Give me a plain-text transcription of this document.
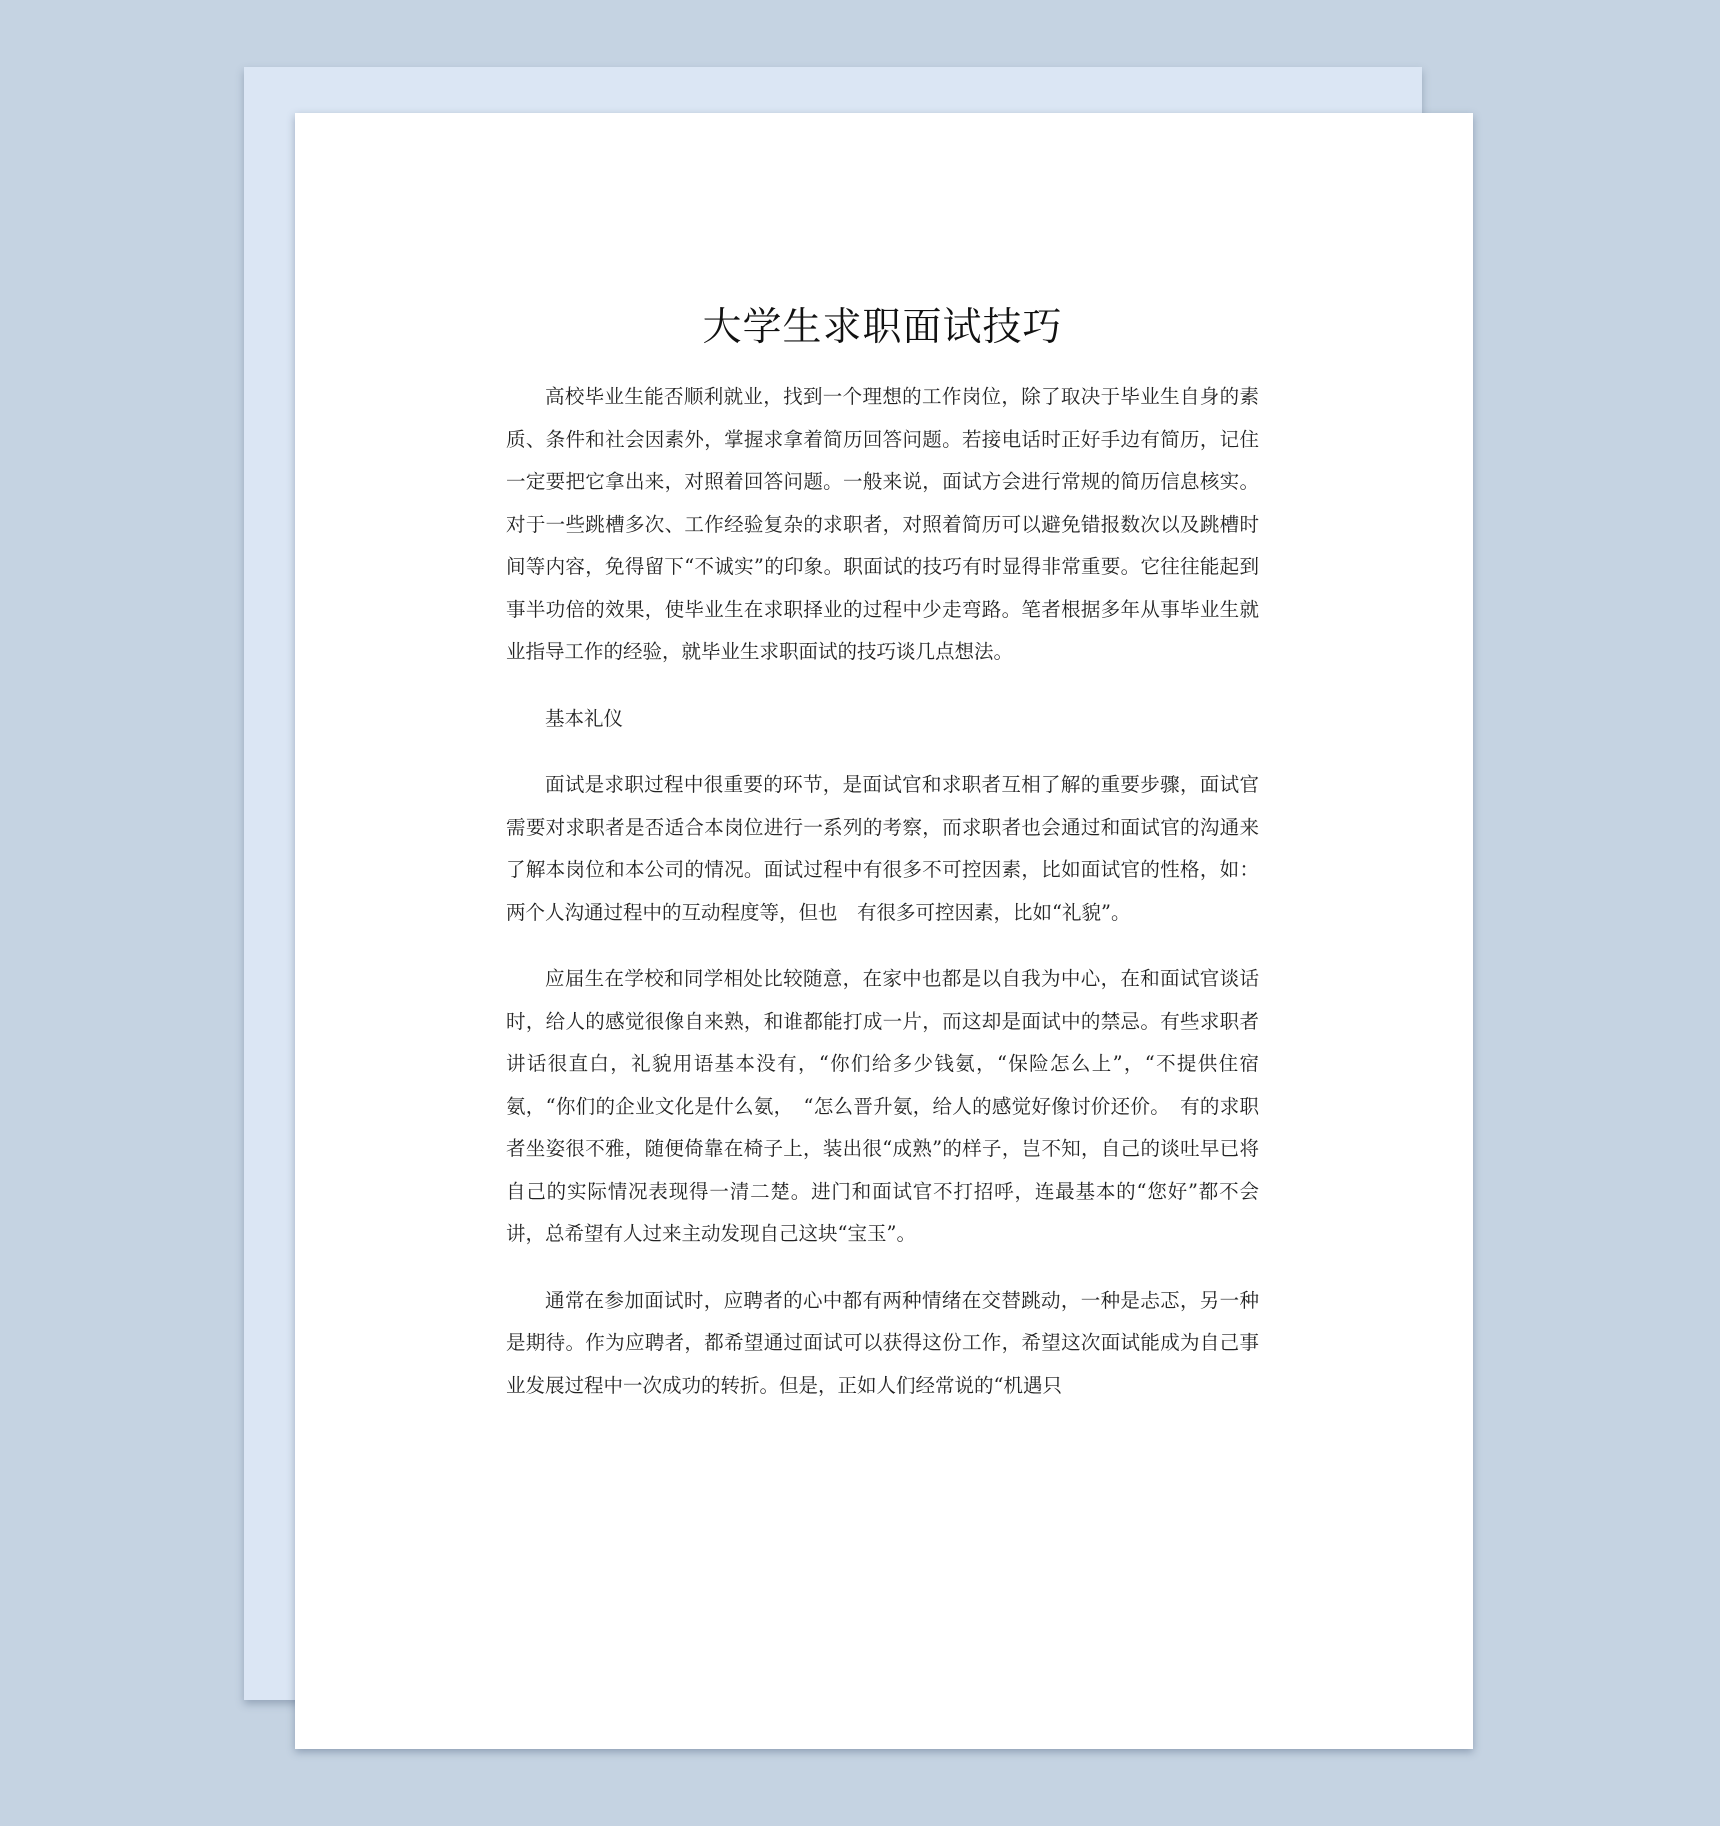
大学生求职面试技巧

高校毕业生能否顺利就业，找到一个理想的工作岗位，除了取决于毕业生自身的素质、条件和社会因素外，掌握求拿着简历回答问题。若接电话时正好手边有简历，记住一定要把它拿出来，对照着回答问题。一般来说，面试方会进行常规的简历信息核实。对于一些跳槽多次、工作经验复杂的求职者，对照着简历可以避免错报数次以及跳槽时间等内容，免得留下“不诚实”的印象。职面试的技巧有时显得非常重要。它往往能起到事半功倍的效果，使毕业生在求职择业的过程中少走弯路。笔者根据多年从事毕业生就业指导工作的经验，就毕业生求职面试的技巧谈几点想法。

基本礼仪

面试是求职过程中很重要的环节，是面试官和求职者互相了解的重要步骤，面试官需要对求职者是否适合本岗位进行一系列的考察，而求职者也会通过和面试官的沟通来了解本岗位和本公司的情况。面试过程中有很多不可控因素，比如面试官的性格，如：两个人沟通过程中的互动程度等，但也　有很多可控因素，比如“礼貌”。

应届生在学校和同学相处比较随意，在家中也都是以自我为中心，在和面试官谈话时，给人的感觉很像自来熟，和谁都能打成一片，而这却是面试中的禁忌。有些求职者讲话很直白，礼貌用语基本没有，“你们给多少钱氨，“保险怎么上”，“不提供住宿氨，“你们的企业文化是什么氨，　“怎么晋升氨，给人的感觉好像讨价还价。　有的求职者坐姿很不雅，随便倚靠在椅子上，装出很“成熟”的样子，岂不知，自己的谈吐早已将自己的实际情况表现得一清二楚。进门和面试官不打招呼，连最基本的“您好”都不会讲，总希望有人过来主动发现自己这块“宝玉”。

通常在参加面试时，应聘者的心中都有两种情绪在交替跳动，一种是忐忑，另一种是期待。作为应聘者，都希望通过面试可以获得这份工作，希望这次面试能成为自己事业发展过程中一次成功的转折。但是，正如人们经常说的“机遇只
